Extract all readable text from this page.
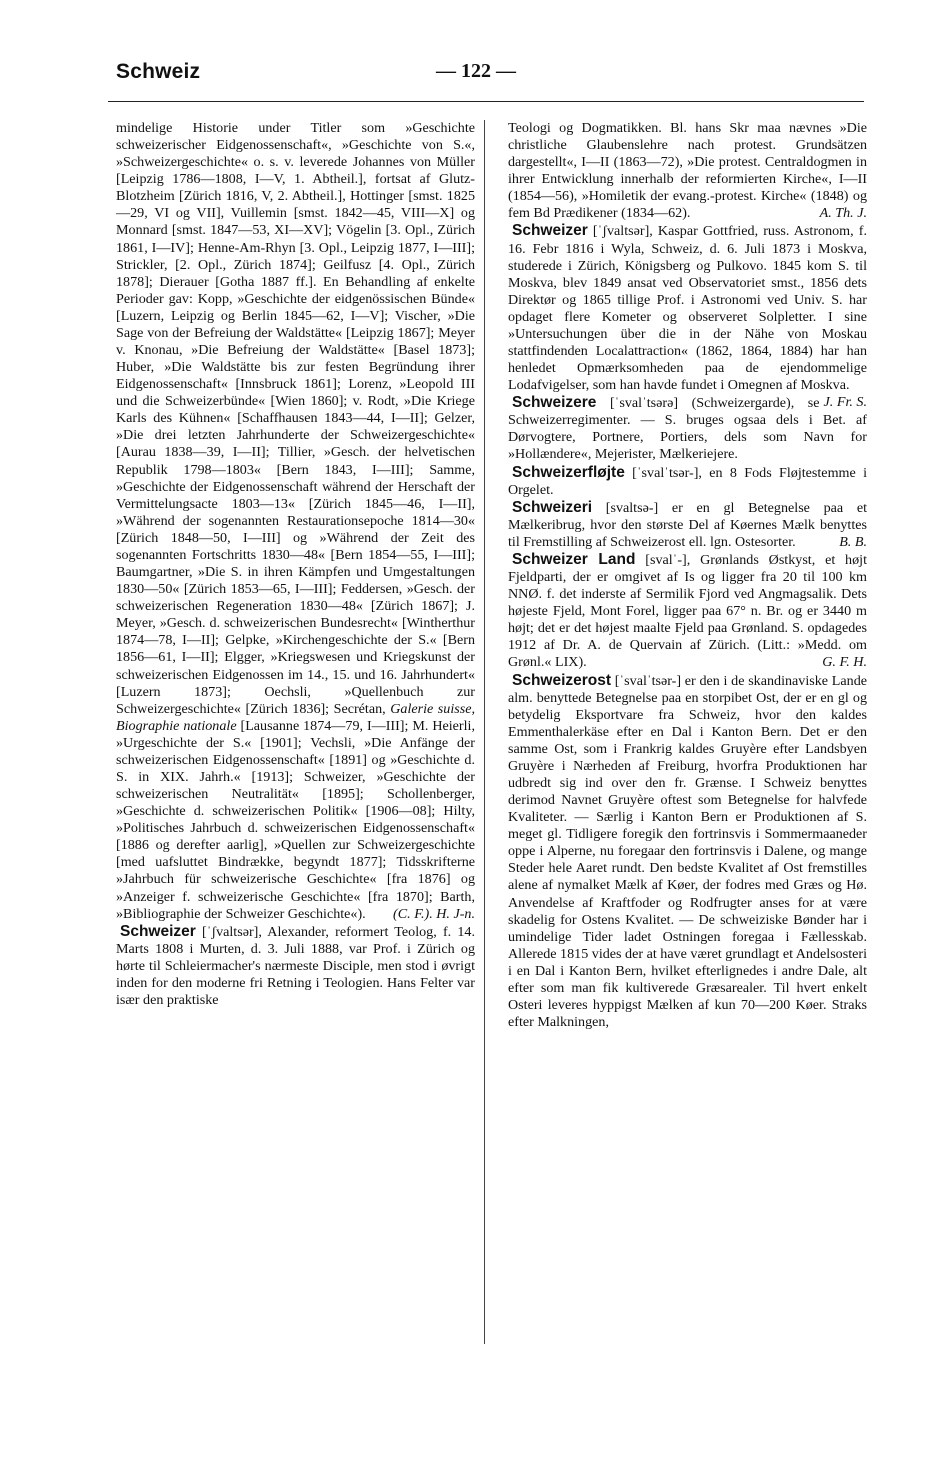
Schweiz	— 122 —

mindelige Historie under Titler som »Geschichte schweizerischer Eidgenossenschaft«, »Geschichte von S.«, »Schweizergeschichte« o. s. v. leverede Johannes von Müller [Leipzig 1786—1808, I—V, 1. Abtheil.], fortsat af Glutz-Blotzheim [Zürich 1816, V, 2. Abtheil.], Hottinger [smst. 1825—29, VI og VII], Vuillemin [smst. 1842—45, VIII—X] og Monnard [smst. 1847—53, XI—XV]; Vögelin [3. Opl., Zürich 1861, I—IV]; Henne-Am-Rhyn [3. Opl., Leipzig 1877, I—III]; Strickler, [2. Opl., Zürich 1874]; Geilfusz [4. Opl., Zürich 1878]; Dierauer [Gotha 1887 ff.]. En Behandling af enkelte Perioder gav: Kopp, »Geschichte der eidgenössischen Bünde« [Luzern, Leipzig og Berlin 1845—62, I—V]; Vischer, »Die Sage von der Befreiung der Waldstätte« [Leipzig 1867]; Meyer v. Knonau, »Die Befreiung der Waldstätte« [Basel 1873]; Huber, »Die Waldstätte bis zur festen Begründung ihrer Eidgenossenschaft« [Innsbruck 1861]; Lorenz, »Leopold III und die Schweizerbünde« [Wien 1860]; v. Rodt, »Die Kriege Karls des Kühnen« [Schaffhausen 1843—44, I—II]; Gelzer, »Die drei letzten Jahrhunderte der Schweizergeschichte« [Aurau 1838—39, I—II]; Tillier, »Gesch. der helvetischen Republik 1798—1803« [Bern 1843, I—III]; Samme, »Geschichte der Eidgenossenschaft während der Herschaft der Vermittelungsacte 1803—13« [Zürich 1845—46, I—II], »Während der sogenannten Restaurationsepoche 1814—30« [Zürich 1848—50, I—III] og »Während der Zeit des sogenannten Fortschritts 1830—48« [Bern 1854—55, I—III]; Baumgartner, »Die S. in ihren Kämpfen und Umgestaltungen 1830—50« [Zürich 1853—65, I—III]; Feddersen, »Gesch. der schweizerischen Regeneration 1830—48« [Zürich 1867]; J. Meyer, »Gesch. d. schweizerischen Bundesrecht« [Wintherthur 1874—78, I—II]; Gelpke, »Kirchengeschichte der S.« [Bern 1856—61, I—II]; Elgger, »Kriegswesen und Kriegskunst der schweizerischen Eidgenossen im 14., 15. und 16. Jahrhundert« [Luzern 1873]; Oechsli, »Quellenbuch zur Schweizergeschichte« [Zürich 1836]; Secrétan, Galerie suisse, Biographie nationale [Lausanne 1874—79, I—III]; M. Heierli, »Urgeschichte der S.« [1901]; Vechsli, »Die Anfänge der schweizerischen Eidgenossenschaft« [1891] og »Geschichte d. S. in XIX. Jahrh.« [1913]; Schweizer, »Geschichte der schweizerischen Neutralität« [1895]; Schollenberger, »Geschichte d. schweizerischen Politik« [1906—08]; Hilty, »Politisches Jahrbuch d. schweizerischen Eidgenossenschaft« [1886 og derefter aarlig], »Quellen zur Schweizergeschichte [med uafsluttet Bindrække, begyndt 1877]; Tidsskrifterne »Jahrbuch für schweizerische Geschichte« [fra 1876] og »Anzeiger f. schweizerische Geschichte« [fra 1870]; Barth, »Bibliographie der Schweizer Geschichte«). (C. F.). H. J-n.

Schweizer [ˈʃvaltsər], Alexander, reformert Teolog, f. 14. Marts 1808 i Murten, d. 3. Juli 1888, var Prof. i Zürich og hørte til Schleiermacher's nærmeste Disciple, men stod i øvrigt inden for den moderne fri Retning i Teologien. Hans Felter var især den praktiske

Teologi og Dogmatikken. Bl. hans Skr maa nævnes »Die christliche Glaubenslehre nach protest. Grundsätzen dargestellt«, I—II (1863—72), »Die protest. Centraldogmen in ihrer Entwicklung innerhalb der reformierten Kirche«, I—II (1854—56), »Homiletik der evang.-protest. Kirche« (1848) og fem Bd Prædikener (1834—62).	A. Th. J.

Schweizer [ˈʃvaltsər], Kaspar Gottfried, russ. Astronom, f. 16. Febr 1816 i Wyla, Schweiz, d. 6. Juli 1873 i Moskva, studerede i Zürich, Königsberg og Pulkovo. 1845 kom S. til Moskva, blev 1849 ansat ved Observatoriet smst., 1856 dets Direktør og 1865 tillige Prof. i Astronomi ved Univ. S. har opdaget flere Kometer og observeret Solpletter. I sine »Untersuchungen über die in der Nähe von Moskau stattfindenden Localattraction« (1862, 1864, 1884) har han henledet Opmærksomheden paa de ejendommelige Lodafvigelser, som han havde fundet i Omegnen af Moskva.
J. Fr. S.

Schweizere [ˈsvalˈtsərə] (Schweizergarde), se Schweizerregimenter. — S. bruges ogsaa dels i Bet. af Dørvogtere, Portnere, Portiers, dels som Navn for »Hollændere«, Mejerister, Mælkeriejere.

Schweizerfløjte [ˈsvalˈtsər-], en 8 Fods Fløjtestemme i Orgelet.

Schweizeri [svaltsə-] er en gl Betegnelse paa et Mælkeribrug, hvor den største Del af Køernes Mælk benyttes til Fremstilling af Schweizerost ell. lgn. Ostesorter.	B. B.

Schweizer Land [svalˈ-], Grønlands Østkyst, et højt Fjeldparti, der er omgivet af Is og ligger fra 20 til 100 km NNØ. f. det inderste af Sermilik Fjord ved Angmagsalik. Dets højeste Fjeld, Mont Forel, ligger paa 67° n. Br. og er 3440 m højt; det er det højest maalte Fjeld paa Grønland. S. opdagedes 1912 af Dr. A. de Quervain af Zürich. (Litt.: »Medd. om Grønl.« LIX).	G. F. H.

Schweizerost [ˈsvalˈtsər-] er den i de skandinaviske Lande alm. benyttede Betegnelse paa en storpibet Ost, der er en gl og betydelig Eksportvare fra Schweiz, hvor den kaldes Emmenthalerkäse efter en Dal i Kanton Bern. Det er den samme Ost, som i Frankrig kaldes Gruyère efter Landsbyen Gruyère i Nærheden af Freiburg, hvorfra Produktionen har udbredt sig ind over den fr. Grænse. I Schweiz benyttes derimod Navnet Gruyère oftest som Betegnelse for halvfede Kvaliteter. — Særlig i Kanton Bern er Produktionen af S. meget gl. Tidligere foregik den fortrinsvis i Sommermaaneder oppe i Alperne, nu foregaar den fortrinsvis i Dalene, og mange Steder hele Aaret rundt. Den bedste Kvalitet af Ost fremstilles alene af nymalket Mælk af Køer, der fodres med Græs og Hø. Anvendelse af Kraftfoder og Rodfrugter anses for at være skadelig for Ostens Kvalitet. — De schweiziske Bønder har i umindelige Tider ladet Ostningen foregaa i Fællesskab. Allerede 1815 vides der at have været grundlagt et Andelsosteri i en Dal i Kanton Bern, hvilket efterlignedes i andre Dale, alt efter som man fik kultiverede Græsarealer. Til hvert enkelt Osteri leveres hyppigst Mælken af kun 70—200 Køer. Straks efter Malkningen,
